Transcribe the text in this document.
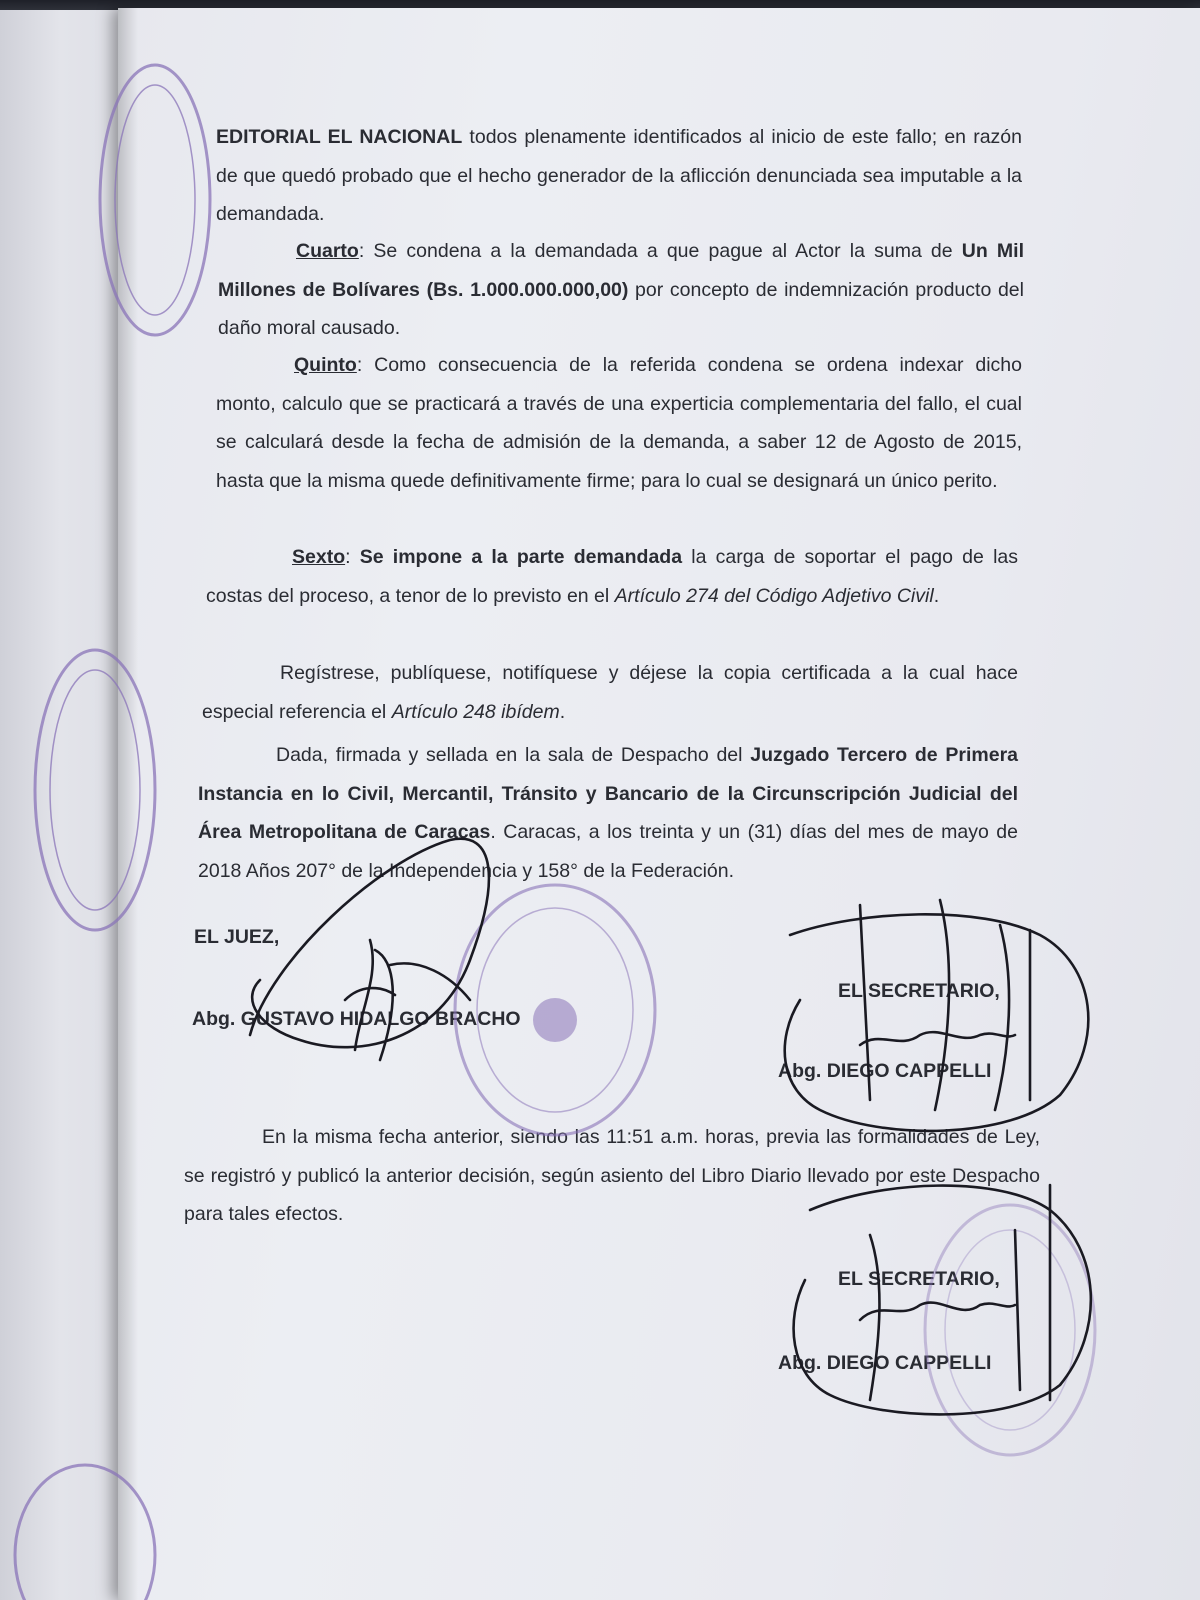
EDITORIAL EL NACIONAL todos plenamente identificados al inicio de este fallo; en razón de que quedó probado que el hecho generador de la aflicción denunciada sea imputable a la demandada.

Cuarto: Se condena a la demandada a que pague al Actor la suma de Un Mil Millones de Bolívares (Bs. 1.000.000.000,00) por concepto de indemnización producto del daño moral causado.

Quinto: Como consecuencia de la referida condena se ordena indexar dicho monto, calculo que se practicará a través de una experticia complementaria del fallo, el cual se calculará desde la fecha de admisión de la demanda, a saber 12 de Agosto de 2015, hasta que la misma quede definitivamente firme; para lo cual se designará un único perito.

Sexto: Se impone a la parte demandada la carga de soportar el pago de las costas del proceso, a tenor de lo previsto en el Artículo 274 del Código Adjetivo Civil.

Regístrese, publíquese, notifíquese y déjese la copia certificada a la cual hace especial referencia el Artículo 248 ibídem.

Dada, firmada y sellada en la sala de Despacho del Juzgado Tercero de Primera Instancia en lo Civil, Mercantil, Tránsito y Bancario de la Circunscripción Judicial del Área Metropolitana de Caracas. Caracas, a los treinta y un (31) días del mes de mayo de 2018 Años 207° de la Independencia y 158° de la Federación.

EL JUEZ,

Abg. GUSTAVO HIDALGO BRACHO

EL SECRETARIO,

Abg. DIEGO CAPPELLI

En la misma fecha anterior, siendo las 11:51 a.m. horas, previa las formalidades de Ley, se registró y publicó la anterior decisión, según asiento del Libro Diario llevado por este Despacho para tales efectos.

EL SECRETARIO,

Abg. DIEGO CAPPELLI
